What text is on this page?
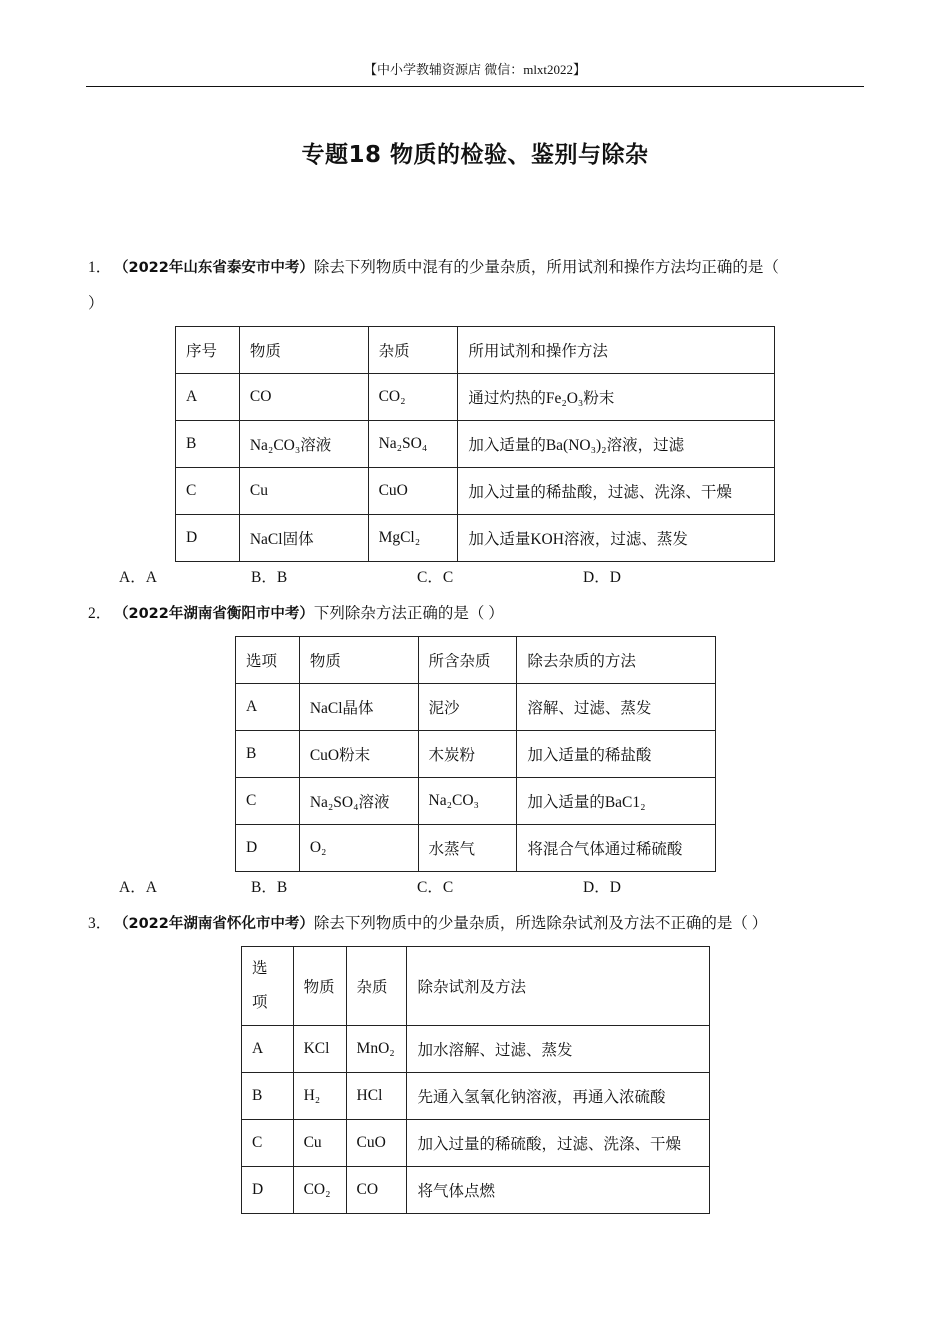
【中小学教辅资源店 微信：mlxt2022】
专题18 物质的检验、鉴别与除杂
1． （2022年山东省泰安市中考）除去下列物质中混有的少量杂质，所用试剂和操作方法均正确的是（
）
序号	物质	杂质	所用试剂和操作方法
A	CO	CO₂	通过灼热的Fe₂O₃粉末
B	Na₂CO₃溶液	Na₂SO₄	加入适量的Ba(NO₃)₂溶液，过滤
C	Cu	CuO	加入过量的稀盐酸，过滤、洗涤、干燥
D	NaCl固体	MgCl₂	加入适量KOH溶液，过滤、蒸发
A．A	B．B	C．C	D．D
2． （2022年湖南省衡阳市中考）下列除杂方法正确的是（ ）
选项	物质	所含杂质	除去杂质的方法
A	NaCl晶体	泥沙	溶解、过滤、蒸发
B	CuO粉末	木炭粉	加入适量的稀盐酸
C	Na₂SO₄溶液	Na₂CO₃	加入适量的BaC1₂
D	O₂	水蒸气	将混合气体通过稀硫酸
A．A	B．B	C．C	D．D
3． （2022年湖南省怀化市中考）除去下列物质中的少量杂质，所选除杂试剂及方法不正确的是（ ）
选
项	物质	杂质	除杂试剂及方法
A	KCl	MnO₂	加水溶解、过滤、蒸发
B	H₂	HCl	先通入氢氧化钠溶液，再通入浓硫酸
C	Cu	CuO	加入过量的稀硫酸，过滤、洗涤、干燥
D	CO₂	CO	将气体点燃
